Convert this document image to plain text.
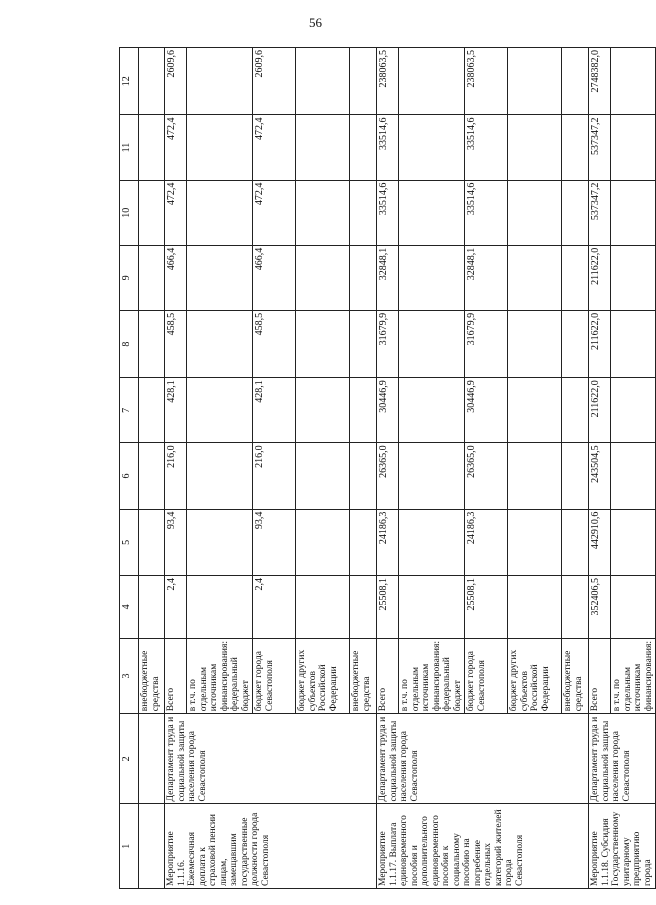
56
1	2	3	4	5	6	7	8	9	10	11	12
		внебюджетные средства									
Мероприятие 1.1.16. Ежемесячная доплата к страховой пенсии лицам, замещавшим государственные должности города Севастополя	Департамент труда и социальной защиты населения города Севастополя	Всего	2,4	93,4	216,0	428,1	458,5	466,4	472,4	472,4	2609,6
		в т.ч. по отдельным источникам финансирования: федеральный бюджет									
		бюджет города Севастополя	2,4	93,4	216,0	428,1	458,5	466,4	472,4	472,4	2609,6
		бюджет других субъектов Российской Федерации									
		внебюджетные средства									
Мероприятие 1.1.17. Выплата единовременного пособия и дополнительного единовременного пособия к социальному пособию на погребение отдельных категорий жителей города Севастополя	Департамент труда и социальной защиты населения города Севастополя	Всего	25508,1	24186,3	26365,0	30446,9	31679,9	32848,1	33514,6	33514,6	238063,5
		в т.ч. по отдельным источникам финансирования: федеральный бюджет									
		бюджет города Севастополя	25508,1	24186,3	26365,0	30446,9	31679,9	32848,1	33514,6	33514,6	238063,5
		бюджет других субъектов Российской Федерации									
		внебюджетные средства									
Мероприятие 1.1.18. Субсидия Государственному унитарному предприятию города	Департамент труда и социальной защиты населения города Севастополя	Всего	352406,5	442910,6	243504,5	211622,0	211622,0	211622,0	537347,2	537347,2	2748382,0
		в т.ч. по отдельным источникам финансирования:									
